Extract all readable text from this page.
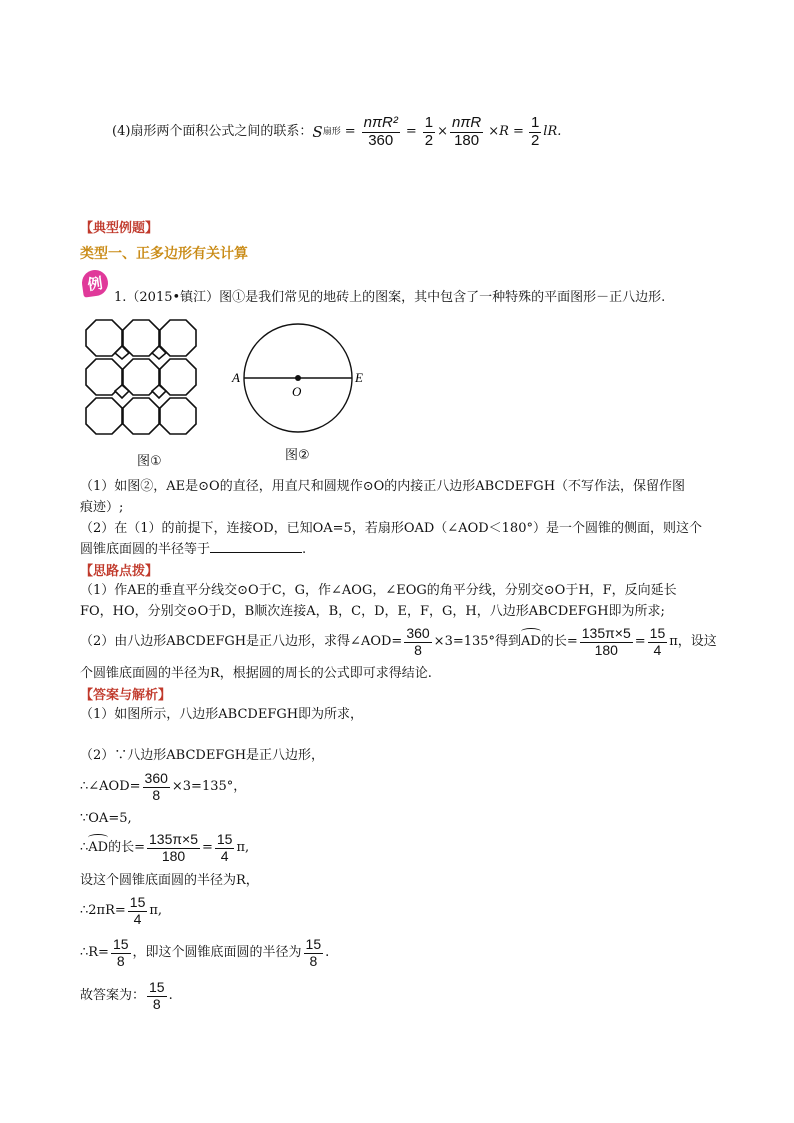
(4)扇形两个面积公式之间的联系： S 扇形 = $\frac{\text{nπR²}}{360} = \frac{1}{2} \times \frac{\text{nπR}}{180} \times R = \frac{1}{2}$ lR.
【典型例题】
类型一、正多边形有关计算
例
1.（2015•镇江）图①是我们常见的地砖上的图案，其中包含了一种特殊的平面图形－正八边形.
图①
A
O
E
图②
（1）如图②，AE是⊙O的直径，用直尺和圆规作⊙O的内接正八边形ABCDEFGH（不写作法，保留作图
痕迹）;
（2）在（1）的前提下，连接OD，已知OA=5，若扇形OAD（∠AOD＜180°）是一个圆锥的侧面，则这个
圆锥底面圆的半径等于	.
【思路点拨】
（1）作AE的垂直平分线交⊙O于C，G，作∠AOG，∠EOG的角平分线，分别交⊙O于H，F，反向延长
FO，HO，分别交⊙O于D，B顺次连接A，B，C，D，E，F，G，H，八边形ABCDEFGH即为所求;
（2）由八边形ABCDEFGH是正八边形，求得∠AOD= $\frac{360}{8} \times 3=135^\circ$得到 AD 的长= $\frac{135\pi\times 5}{180} = \frac{15}{4}$ π，设这
个圆锥底面圆的半径为R，根据圆的周长的公式即可求得结论.
【答案与解析】
（1）如图所示，八边形ABCDEFGH即为所求，
（2）∵八边形ABCDEFGH是正八边形，
∴∠AOD= $\frac{360}{8} \times 3=135^\circ$，
∵OA=5,
∴ AD 的长= $\frac{135\pi\times 5}{180} = \frac{15}{4} \pi$,
设这个圆锥底面圆的半径为R，
∴2πR= $\frac{15}{4} \pi$,
∴R= $\frac{15}{8}$ ，即这个圆锥底面圆的半径为 $\frac{15}{8}$ .
故答案为： $\frac{15}{8}$ .
